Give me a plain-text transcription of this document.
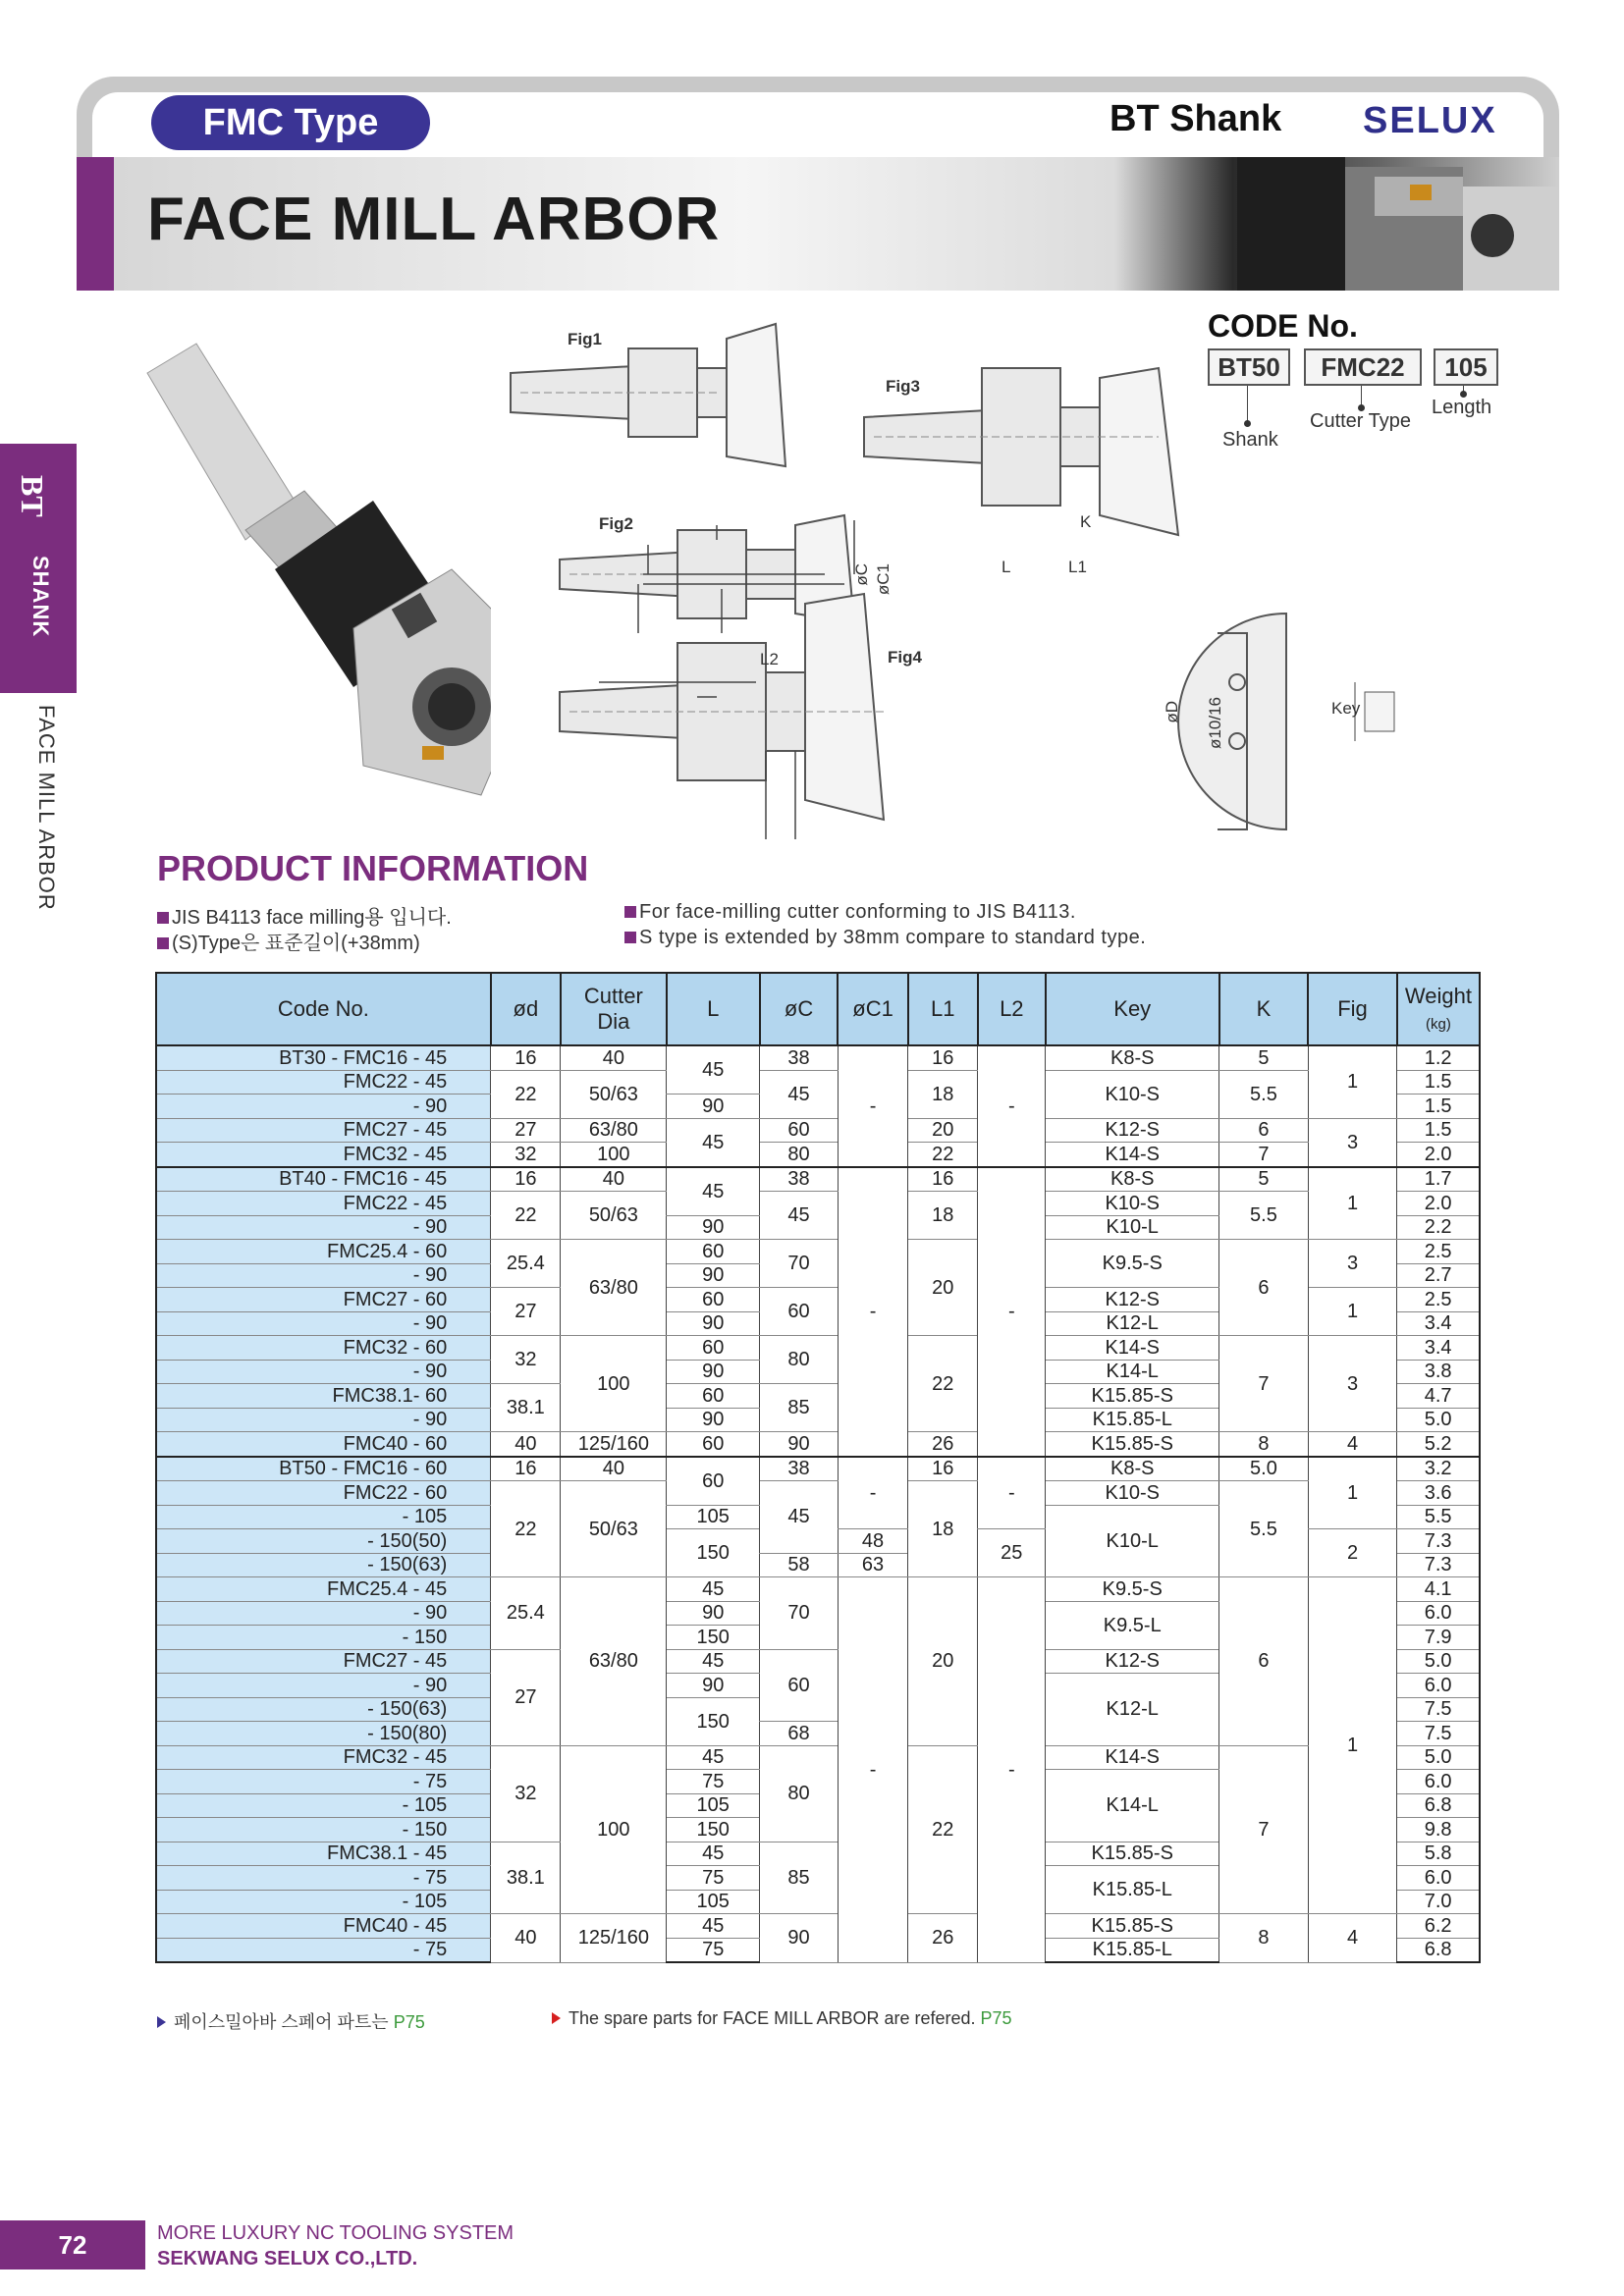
FMC Type	BT Shank SELUX
FACE MILL ARBOR
BT
SHANK
FACE MILL ARBOR
Fig1
Fig3
Fig2
Fig4
K
L	L1
L2
øC øC1
øD ø10/16	Key
CODE No.
BT50	FMC22	105
Shank
Cutter Type
Length
PRODUCT INFORMATION
JIS B4113 face milling용 입니다.
(S)Type은 표준길이(+38mm)
For face-milling cutter conforming to JIS B4113.
S type is extended by 38mm compare to standard type.
Code No.	ød	Cutter
Dia	L	øC	øC1	L1	L2	Key	K	Fig	Weight
(kg)
BT30 - FMC16 - 45	16	40	45	38	-	16	-	K8-S	5	1	1.2
FMC22 - 45	22	50/63		45		18		K10-S	5.5		1.5
- 90			90								1.5
FMC27 - 45	27	63/80	45	60		20		K12-S	6	3	1.5
FMC32 - 45	32	100		80		22		K14-S	7		2.0
BT40 - FMC16 - 45	16	40	45	38	-	16	-	K8-S	5	1	1.7
FMC22 - 45	22	50/63		45		18		K10-S	5.5		2.0
- 90			90					K10-L			2.2
FMC25.4 - 60	25.4	63/80	60	70		20		K9.5-S	6	3	2.5
- 90			90								2.7
FMC27 - 60	27		60	60				K12-S		1	2.5
- 90			90					K12-L			3.4
FMC32 - 60	32	100	60	80		22		K14-S	7	3	3.4
- 90			90					K14-L			3.8
FMC38.1- 60	38.1		60	85				K15.85-S			4.7
- 90			90					K15.85-L			5.0
FMC40 - 60	40	125/160	60	90		26		K15.85-S	8	4	5.2
BT50 - FMC16 - 60	16	40	60	38	-	16	-	K8-S	5.0	1	3.2
FMC22 - 60	22	50/63		45		18		K10-S	5.5		3.6
- 105			105					K10-L			5.5
- 150(50)			150		48		25			2	7.3
- 150(63)				58	63						7.3
FMC25.4 - 45	25.4	63/80	45	70	-	20	-	K9.5-S	6	1	4.1
- 90			90					K9.5-L			6.0
- 150			150								7.9
FMC27 - 45	27		45	60				K12-S			5.0
- 90			90					K12-L			6.0
- 150(63)			150								7.5
- 150(80)				68							7.5
FMC32 - 45	32	100	45	80		22		K14-S	7		5.0
- 75			75					K14-L			6.0
- 105			105								6.8
- 150			150								9.8
FMC38.1 - 45	38.1		45	85				K15.85-S			5.8
- 75			75					K15.85-L			6.0
- 105			105								7.0
FMC40 - 45	40	125/160	45	90		26		K15.85-S	8	4	6.2
- 75			75					K15.85-L			6.8
페이스밀아바 스페어 파트는 P75	The spare parts for FACE MILL ARBOR are refered. P75
72	MORE LUXURY NC TOOLING SYSTEM
SEKWANG SELUX CO.,LTD.
